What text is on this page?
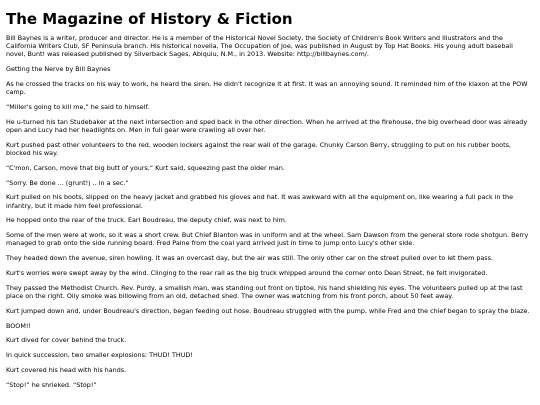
The Magazine of History & Fiction

Bill Baynes is a writer, producer and director. He is a member of the Historical Novel Society, the Society of Children's Book Writers and Illustrators and the California Writers Club, SF Peninsula branch. His historical novella, The Occupation of Joe, was published in August by Top Hat Books. His young adult baseball novel, Bunt! was released published by Silverback Sages, Abiquiu, N.M., in 2013. Website: http://billbaynes.com/.

Getting the Nerve by Bill Baynes

As he crossed the tracks on his way to work, he heard the siren. He didn't recognize it at first. It was an annoying sound. It reminded him of the klaxon at the POW camp.

“Miller's going to kill me,” he said to himself.

He u-turned his tan Studebaker at the next intersection and sped back in the other direction. When he arrived at the firehouse, the big overhead door was already open and Lucy had her headlights on. Men in full gear were crawling all over her.

Kurt pushed past other volunteers to the red, wooden lockers against the rear wall of the garage. Chunky Carson Berry, struggling to put on his rubber boots, blocked his way.

“C'mon, Carson, move that big butt of yours,” Kurt said, squeezing past the older man.

“Sorry. Be done ... (grunt!) .. in a sec.”

Kurt pulled on his boots, slipped on the heavy jacket and grabbed his gloves and hat. It was awkward with all the equipment on, like wearing a full pack in the infantry, but it made him feel professional.

He hopped onto the rear of the truck. Earl Boudreau, the deputy chief, was next to him.

Some of the men were at work, so it was a short crew. But Chief Blanton was in uniform and at the wheel. Sam Dawson from the general store rode shotgun. Berry managed to grab onto the side running board. Fred Paine from the coal yard arrived just in time to jump onto Lucy's other side.

They headed down the avenue, siren howling. It was an overcast day, but the air was still. The only other car on the street pulled over to let them pass.

Kurt's worries were swept away by the wind. Clinging to the rear rail as the big truck whipped around the corner onto Dean Street, he felt invigorated.

They passed the Methodist Church. Rev. Purdy, a smallish man, was standing out front on tiptoe, his hand shielding his eyes. The volunteers pulled up at the last place on the right. Oily smoke was billowing from an old, detached shed. The owner was watching from his front porch, about 50 feet away.

Kurt jumped down and, under Boudreau's direction, began feeding out hose. Boudreau struggled with the pump, while Fred and the chief began to spray the blaze.

BOOM!!

Kurt dived for cover behind the truck.

In quick succession, two smaller explosions: THUD! THUD!

Kurt covered his head with his hands.

“Stop!” he shrieked. “Stop!”
